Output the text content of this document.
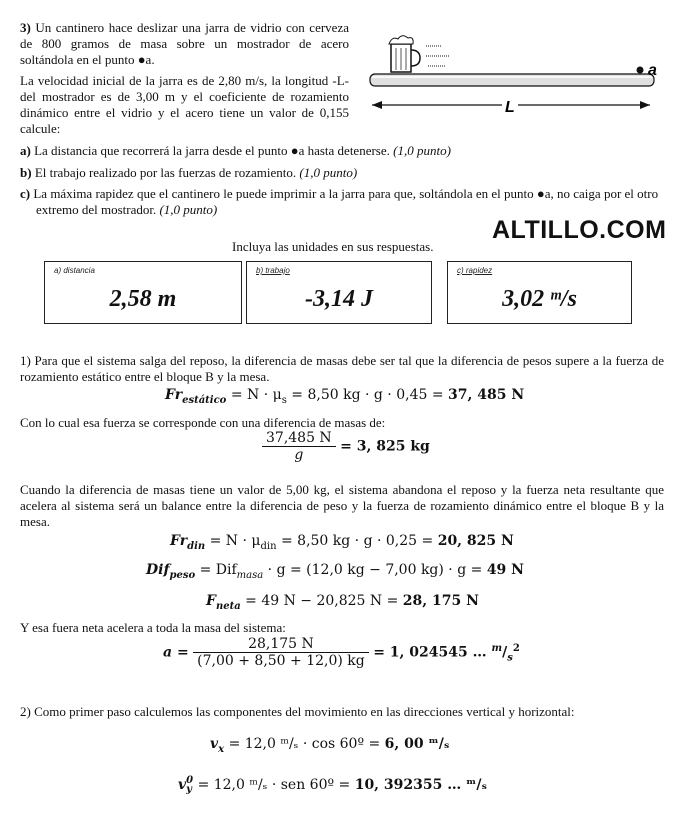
3) Un cantinero hace deslizar una jarra de vidrio con cerveza de 800 gramos de masa sobre un mostrador de acero soltándola en el punto ●a.
La velocidad inicial de la jarra es de 2,80 m/s, la longitud -L- del mostrador es de 3,00 m y el coeficiente de rozamiento dinámico entre el vidrio y el acero tiene un valor de 0,155 calcule:
a
L
a) La distancia que recorrerá la jarra desde el punto ●a hasta detenerse. (1,0 punto)
b) El trabajo realizado por las fuerzas de rozamiento. (1,0 punto)
c) La máxima rapidez que el cantinero le puede imprimir a la jarra para que, soltándola en el punto ●a, no caiga por el otro extremo del mostrador. (1,0 punto)
ALTILLO.COM
Incluya las unidades en sus respuestas.
a) distancia
2,58 m
b) trabajo
-3,14 J
c) rapidez
3,02 ᵐ/s
1) Para que el sistema salga del reposo, la diferencia de masas debe ser tal que la diferencia de pesos supere a la fuerza de rozamiento estático entre el bloque B y la mesa.
$Fr_{estático} = N \cdot \mu_s = 8,50$ kg · g · 0,45 = 37, 485 N
Con lo cual esa fuerza se corresponde con una diferencia de masas de:
$\frac{37,485 N}{g} = 3$, 825 kg
Cuando la diferencia de masas tiene un valor de 5,00 kg, el sistema abandona el reposo y la fuerza neta resultante que acelera al sistema será un balance entre la diferencia de peso y la fuerza de rozamiento dinámico entre el bloque B y la mesa.
$Fr_{din} = N \cdot \mu_{din} = 8,50$ kg · g · 0,25 = 20, 825 N
Dif$_{peso}$ = Dif$_{masa}$ · g = (12,0 kg − 7,00 kg) · g = 49 N
$F_{neta} = 49$ N − 20,825 N = 28, 175 N
Y esa fuera neta acelera a toda la masa del sistema:
$a = \frac{28,175 N}{(7,00 + 8,50 + 12,0) kg} = 1$, 024545 … $^m/_s^2$
2) Como primer paso calculemos las componentes del movimiento en las direcciones vertical y horizontal:
$v_x = 12,0$ ᵐ/ₛ · cos 60º = 6, 00 ᵐ/ₛ
v 0
y = 12,0 ᵐ/ₛ · sen 60º = 10, 392355 … ᵐ/ₛ
